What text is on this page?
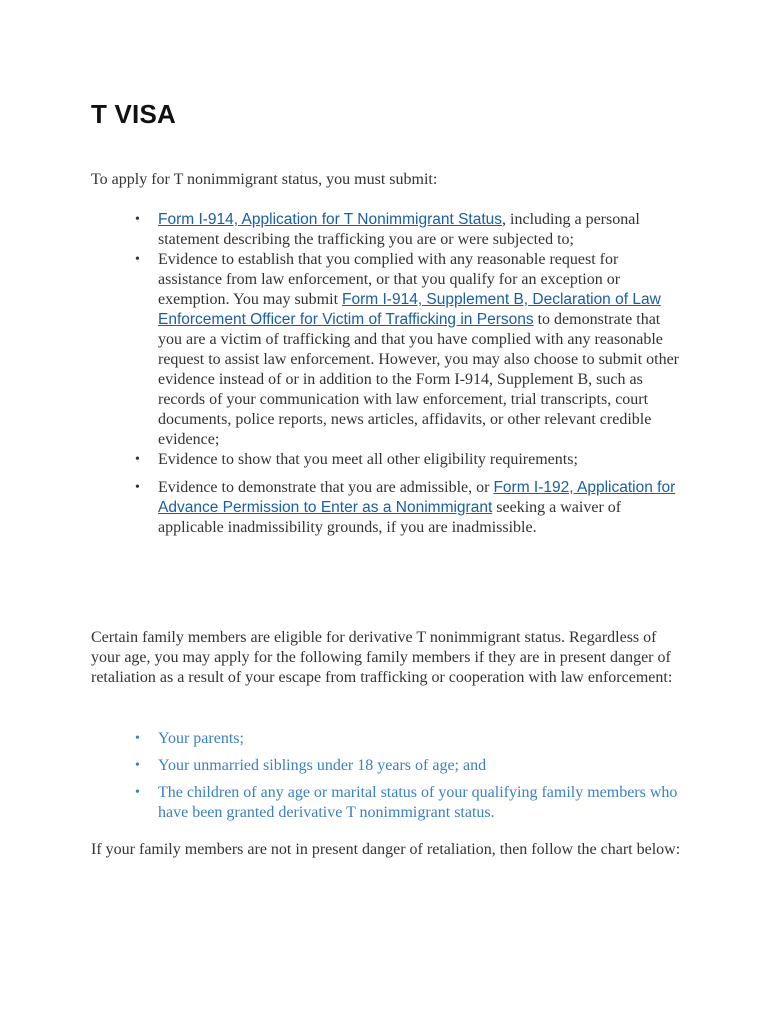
T VISA

To apply for T nonimmigrant status, you must submit:

• Form I-914, Application for T Nonimmigrant Status, including a personal statement describing the trafficking you are or were subjected to;
• Evidence to establish that you complied with any reasonable request for assistance from law enforcement, or that you qualify for an exception or exemption. You may submit Form I-914, Supplement B, Declaration of Law Enforcement Officer for Victim of Trafficking in Persons to demonstrate that you are a victim of trafficking and that you have complied with any reasonable request to assist law enforcement. However, you may also choose to submit other evidence instead of or in addition to the Form I-914, Supplement B, such as records of your communication with law enforcement, trial transcripts, court documents, police reports, news articles, affidavits, or other relevant credible evidence;
• Evidence to show that you meet all other eligibility requirements;
• Evidence to demonstrate that you are admissible, or Form I-192, Application for Advance Permission to Enter as a Nonimmigrant seeking a waiver of applicable inadmissibility grounds, if you are inadmissible.

Certain family members are eligible for derivative T nonimmigrant status. Regardless of your age, you may apply for the following family members if they are in present danger of retaliation as a result of your escape from trafficking or cooperation with law enforcement:

• Your parents;
• Your unmarried siblings under 18 years of age; and
• The children of any age or marital status of your qualifying family members who have been granted derivative T nonimmigrant status.

If your family members are not in present danger of retaliation, then follow the chart below:
